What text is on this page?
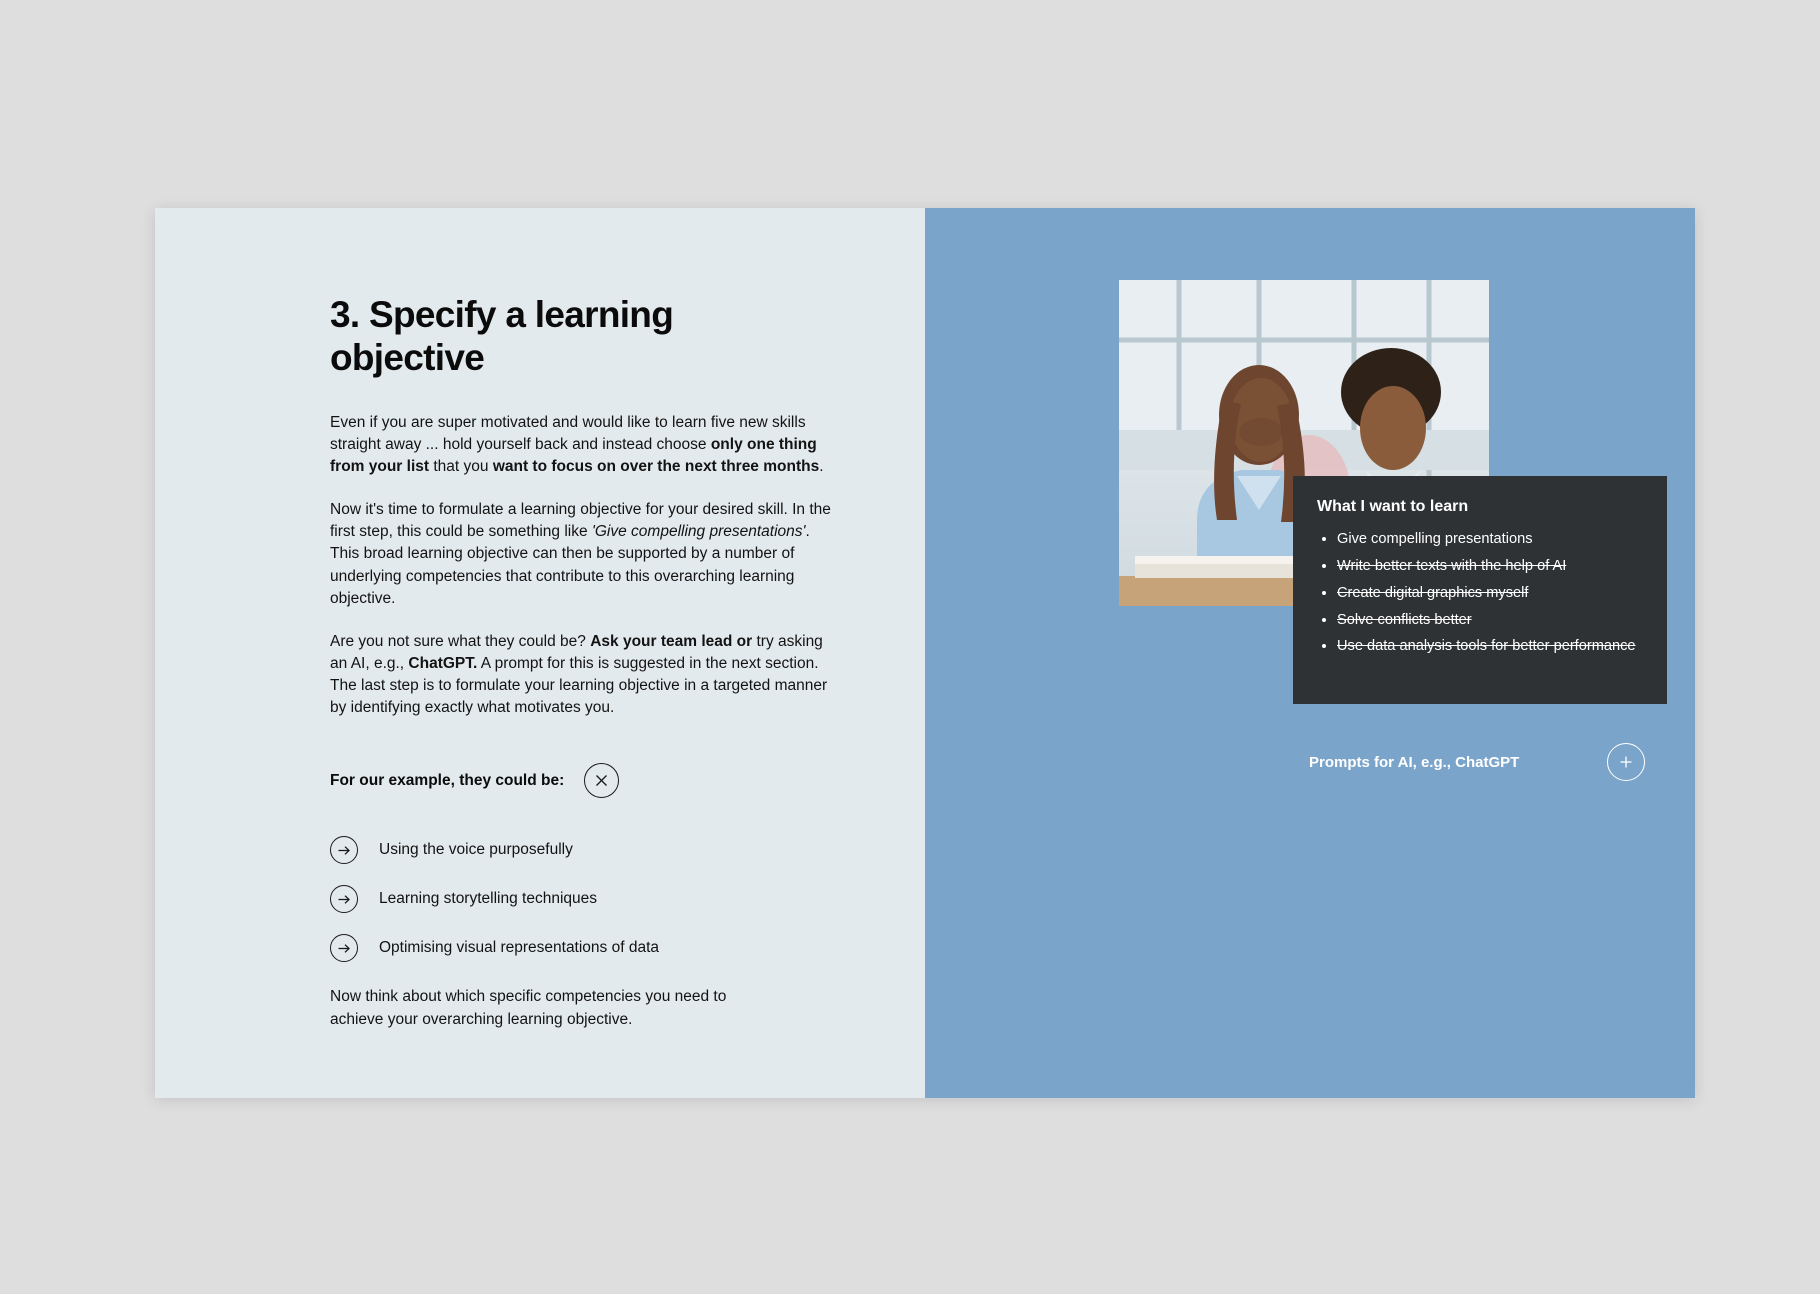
3. Specify a learning objective

Even if you are super motivated and would like to learn five new skills straight away ... hold yourself back and instead choose only one thing from your list that you want to focus on over the next three months.

Now it's time to formulate a learning objective for your desired skill. In the first step, this could be something like 'Give compelling presentations'. This broad learning objective can then be supported by a number of underlying competencies that contribute to this overarching learning objective.

Are you not sure what they could be? Ask your team lead or try asking an AI, e.g., ChatGPT. A prompt for this is suggested in the next section. The last step is to formulate your learning objective in a targeted manner by identifying exactly what motivates you.

For our example, they could be:
Using the voice purposefully
Learning storytelling techniques
Optimising visual representations of data

Now think about which specific competencies you need to achieve your overarching learning objective.

What I want to learn
• Give compelling presentations
• Write better texts with the help of AI
• Create digital graphics myself
• Solve conflicts better
• Use data analysis tools for better performance
Prompts for AI, e.g., ChatGPT
